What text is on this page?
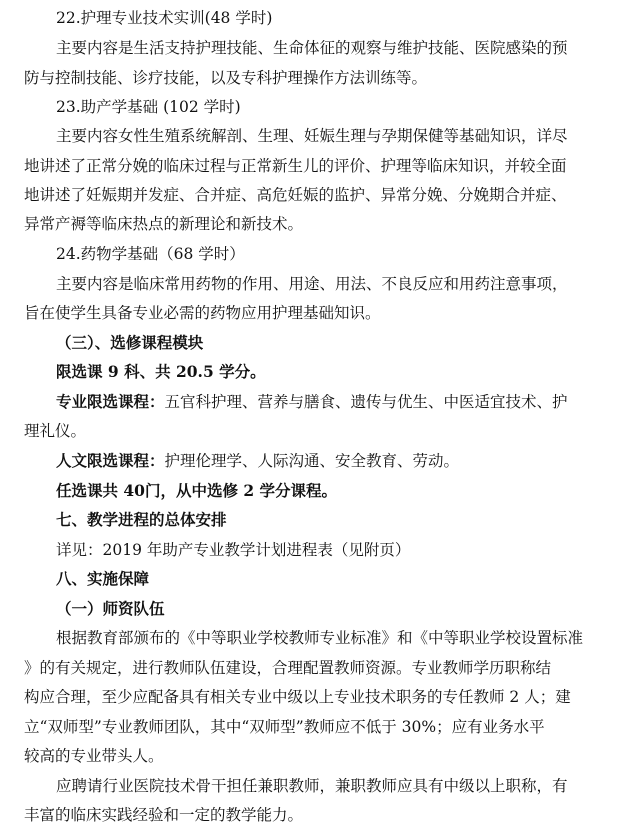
22.护理专业技术实训(48 学时)
主要内容是生活支持护理技能、生命体征的观察与维护技能、医院感染的预
防与控制技能、诊疗技能，以及专科护理操作方法训练等。
23.助产学基础 (102 学时)
主要内容女性生殖系统解剖、生理、妊娠生理与孕期保健等基础知识，详尽
地讲述了正常分娩的临床过程与正常新生儿的评价、护理等临床知识，并较全面
地讲述了妊娠期并发症、合并症、高危妊娠的监护、异常分娩、分娩期合并症、
异常产褥等临床热点的新理论和新技术。
24.药物学基础（68 学时）
主要内容是临床常用药物的作用、用途、用法、不良反应和用药注意事项，
旨在使学生具备专业必需的药物应用护理基础知识。
（三）、选修课程模块
限选课 9 科、共 20.5 学分。
专业限选课程：五官科护理、营养与膳食、遗传与优生、中医适宜技术、护
理礼仪。
人文限选课程：护理伦理学、人际沟通、安全教育、劳动。
任选课共 40门，从中选修 2 学分课程。
七、教学进程的总体安排
详见：2019 年助产专业教学计划进程表（见附页）
八、实施保障
（一）师资队伍
根据教育部颁布的《中等职业学校教师专业标准》和《中等职业学校设置标准
》的有关规定，进行教师队伍建设，合理配置教师资源。专业教师学历职称结
构应合理，至少应配备具有相关专业中级以上专业技术职务的专任教师 2 人；建
立“双师型”专业教师团队，其中“双师型”教师应不低于 30%；应有业务水平
较高的专业带头人。
应聘请行业医院技术骨干担任兼职教师，兼职教师应具有中级以上职称，有
丰富的临床实践经验和一定的教学能力。
